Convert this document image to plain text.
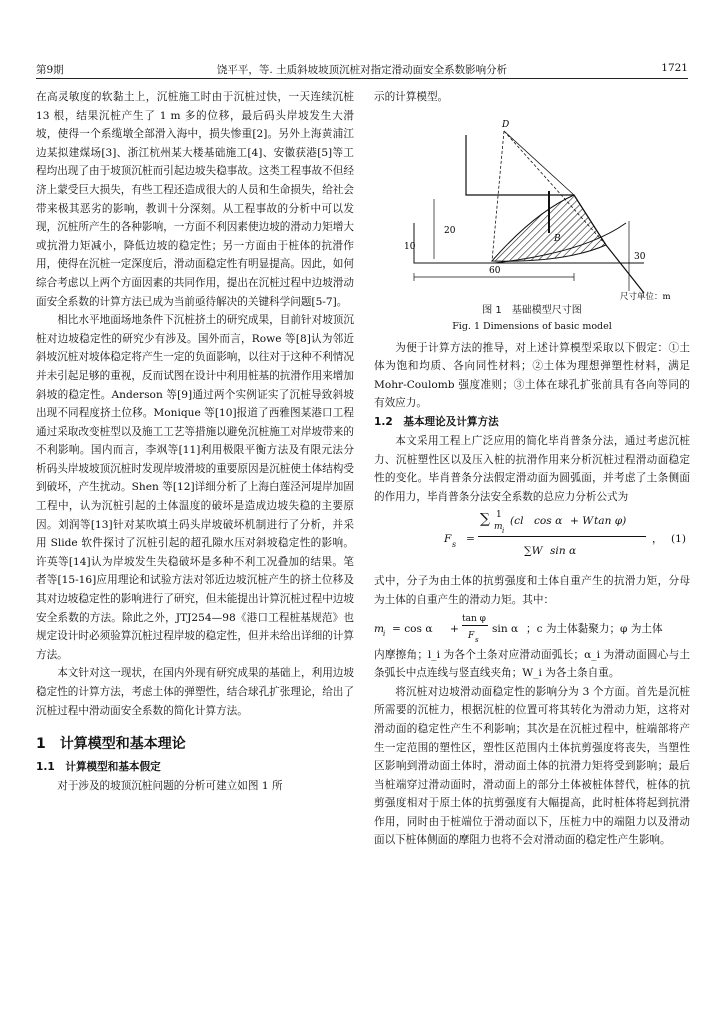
第9期	饶平平，等. 土质斜坡坡顶沉桩对指定滑动面安全系数影响分析	1721

在高灵敏度的软黏土上，沉桩施工时由于沉桩过快，一天连续沉桩 13 根，结果沉桩产生了 1 m 多的位移，最后码头岸坡发生大滑坡，使得一个系缆墩全部滑入海中，损失惨重[2]。另外上海黄浦江边某拟建煤场[3]、浙江杭州某大楼基础施工[4]、安徽获港[5]等工程均出现了由于坡顶沉桩而引起边坡失稳事故。这类工程事故不但经济上蒙受巨大损失，有些工程还造成很大的人员和生命损失，给社会带来极其恶劣的影响，教训十分深刻。从工程事故的分析中可以发现，沉桩所产生的各种影响，一方面不利因素使边坡的滑动力矩增大或抗滑力矩减小，降低边坡的稳定性；另一方面由于桩体的抗滑作用，使得在沉桩一定深度后，滑动面稳定性有明显提高。因此，如何综合考虑以上两个方面因素的共同作用，提出在沉桩过程中边坡滑动面安全系数的计算方法已成为当前亟待解决的关键科学问题[5-7]。

相比水平地面场地条件下沉桩挤土的研究成果，目前针对坡顶沉桩对边坡稳定性的研究少有涉及。国外而言，Rowe 等[8]认为邻近斜坡沉桩对坡体稳定将产生一定的负面影响，以往对于这种不利情况并未引起足够的重视，反而试图在设计中利用桩基的抗滑作用来增加斜坡的稳定性。Anderson 等[9]通过两个实例证实了沉桩导致斜坡出现不同程度挤土位移。Monique 等[10]报道了西雅图某港口工程通过采取改变桩型以及施工工艺等措施以避免沉桩施工对岸坡带来的不利影响。国内而言，李飒等[11]利用极限平衡方法及有限元法分析码头岸坡坡顶沉桩时发现岸坡滑坡的重要原因是沉桩使土体结构受到破坏，产生扰动。Shen 等[12]详细分析了上海白莲泾河堤岸加固工程中，认为沉桩引起的土体温度的破坏是造成边坡失稳的主要原因。刘润等[13]针对某吹填土码头岸坡破坏机制进行了分析，并采用 Slide 软件探讨了沉桩引起的超孔隙水压对斜坡稳定性的影响。许英等[14]认为岸坡发生失稳破坏是多种不利工况叠加的结果。笔者等[15-16]应用理论和试验方法对邻近边坡沉桩产生的挤土位移及其对边坡稳定性的影响进行了研究，但未能提出计算沉桩过程中边坡安全系数的方法。除此之外，JTJ254—98《港口工程桩基规范》也规定设计时必须验算沉桩过程岸坡的稳定性，但并未给出详细的计算方法。

本文针对这一现状，在国内外现有研究成果的基础上，利用边坡稳定性的计算方法，考虑土体的弹塑性，结合球孔扩张理论，给出了沉桩过程中滑动面安全系数的简化计算方法。

1　计算模型和基本理论
1.1　计算模型和基本假定

对于涉及的坡顶沉桩问题的分析可建立如图 1 所

示的计算模型。

D
20
30
10
60
B
尺寸单位：m
图 1　基础模型尺寸图
Fig. 1 Dimensions of basic model

为便于计算方法的推导，对上述计算模型采取以下假定：①土体为饱和均质、各向同性材料；②土体为理想弹塑性材料，满足 Mohr-Coulomb 强度准则；③土体在球孔扩张前具有各向等同的有效应力。

1.2　基本理论及计算方法

本文采用工程上广泛应用的简化毕肖普条分法，通过考虑沉桩力、沉桩塑性区以及压入桩的抗滑作用来分析沉桩过程滑动面稳定性的变化。毕肖普条分法假定滑动面为圆弧面，并考虑了土条侧面的作用力，毕肖普条分法安全系数的总应力分析公式为

F s =
∑ 1
m i
(cl cos α + W tan φ)
∑W sin α
， (1)

式中，分子为由土体的抗剪强度和土体自重产生的抗滑力矩，分母为土体的自重产生的滑动力矩。其中：

m
i = cos α +
tan φ
F s
sin α ；c 为土体黏聚力；φ 为土体

内摩擦角；l_i 为各个土条对应滑动面弧长；α_i 为滑动面圆心与土条弧长中点连线与竖直线夹角；W_i 为各土条自重。

将沉桩对边坡滑动面稳定性的影响分为 3 个方面。首先是沉桩所需要的沉桩力，根据沉桩的位置可将其转化为滑动力矩，这将对滑动面的稳定性产生不利影响；其次是在沉桩过程中，桩端部将产生一定范围的塑性区，塑性区范围内土体抗剪强度将丧失，当塑性区影响到滑动面土体时，滑动面土体的抗滑力矩将受到影响；最后当桩端穿过滑动面时，滑动面上的部分土体被桩体替代，桩体的抗剪强度相对于原土体的抗剪强度有大幅提高，此时桩体将起到抗滑作用，同时由于桩端位于滑动面以下，压桩力中的端阻力以及滑动面以下桩体侧面的摩阻力也将不会对滑动面的稳定性产生影响。
